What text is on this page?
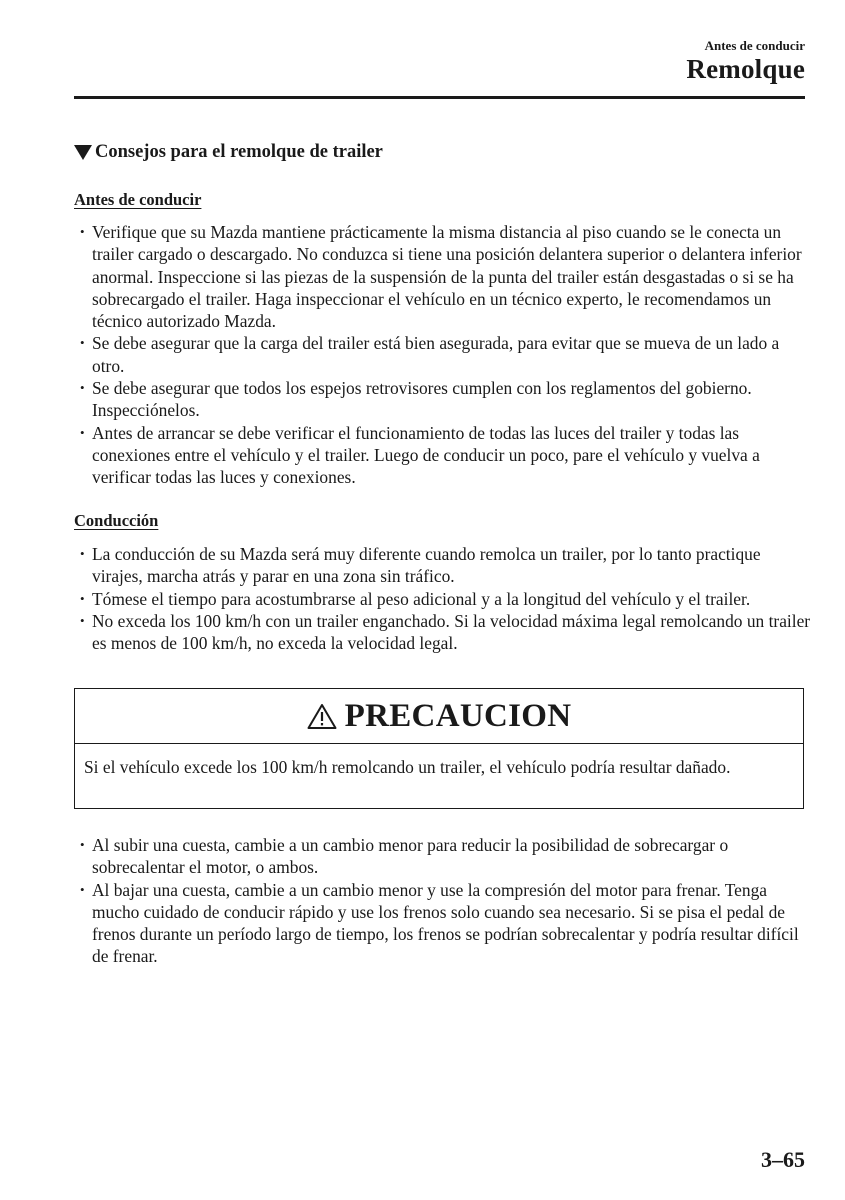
Antes de conducir
Remolque
Consejos para el remolque de trailer
Antes de conducir
• Verifique que su Mazda mantiene prácticamente la misma distancia al piso cuando se le conecta un trailer cargado o descargado. No conduzca si tiene una posición delantera superior o delantera inferior anormal. Inspeccione si las piezas de la suspensión de la punta del trailer están desgastadas o si se ha sobrecargado el trailer. Haga inspeccionar el vehículo en un técnico experto, le recomendamos un técnico autorizado Mazda.
• Se debe asegurar que la carga del trailer está bien asegurada, para evitar que se mueva de un lado a otro.
• Se debe asegurar que todos los espejos retrovisores cumplen con los reglamentos del gobierno. Inspecciónelos.
• Antes de arrancar se debe verificar el funcionamiento de todas las luces del trailer y todas las conexiones entre el vehículo y el trailer. Luego de conducir un poco, pare el vehículo y vuelva a verificar todas las luces y conexiones.
Conducción
• La conducción de su Mazda será muy diferente cuando remolca un trailer, por lo tanto practique virajes, marcha atrás y parar en una zona sin tráfico.
• Tómese el tiempo para acostumbrarse al peso adicional y a la longitud del vehículo y el trailer.
• No exceda los 100 km/h con un trailer enganchado. Si la velocidad máxima legal remolcando un trailer es menos de 100 km/h, no exceda la velocidad legal.
PRECAUCION
Si el vehículo excede los 100 km/h remolcando un trailer, el vehículo podría resultar dañado.
• Al subir una cuesta, cambie a un cambio menor para reducir la posibilidad de sobrecargar o sobrecalentar el motor, o ambos.
• Al bajar una cuesta, cambie a un cambio menor y use la compresión del motor para frenar. Tenga mucho cuidado de conducir rápido y use los frenos solo cuando sea necesario. Si se pisa el pedal de frenos durante un período largo de tiempo, los frenos se podrían sobrecalentar y podría resultar difícil de frenar.
3–65
